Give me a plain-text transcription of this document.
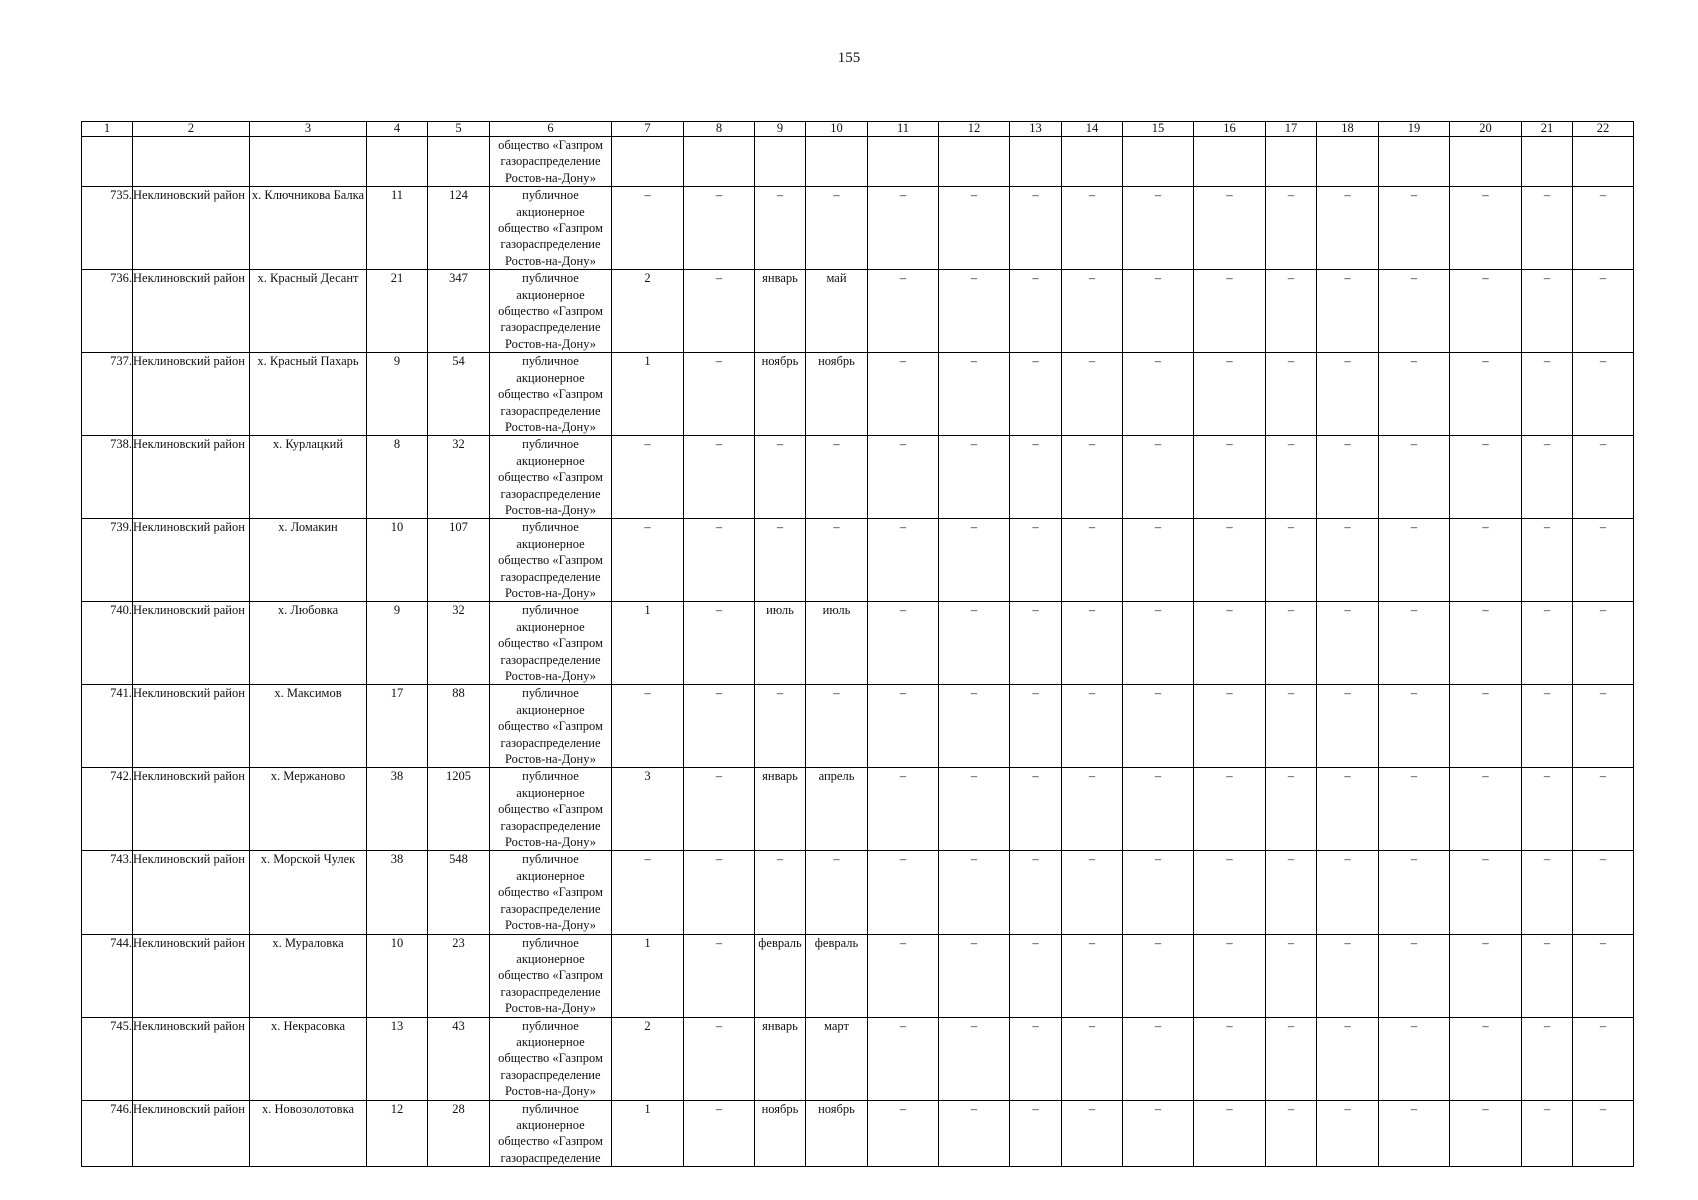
155
1	2	3	4	5	6	7	8	9	10	11	12	13	14	15	16	17	18	19	20	21	22

					общество «Газпром
газораспределение
Ростов-на-Дону»																

735.	Неклиновский район	х. Ключникова Балка	11	124	публичное
акционерное
общество «Газпром
газораспределение
Ростов-на-Дону»	–	–	–	–	–	–	–	–	–	–	–	–	–	–	–	–
736.	Неклиновский район	х. Красный Десант	21	347	публичное
акционерное
общество «Газпром
газораспределение
Ростов-на-Дону»	2	–	январь	май	–	–	–	–	–	–	–	–	–	–	–	–
737.	Неклиновский район	х. Красный Пахарь	9	54	публичное
акционерное
общество «Газпром
газораспределение
Ростов-на-Дону»	1	–	ноябрь	ноябрь	–	–	–	–	–	–	–	–	–	–	–	–
738.	Неклиновский район	х. Курлацкий	8	32	публичное
акционерное
общество «Газпром
газораспределение
Ростов-на-Дону»	–	–	–	–	–	–	–	–	–	–	–	–	–	–	–	–
739.	Неклиновский район	х. Ломакин	10	107	публичное
акционерное
общество «Газпром
газораспределение
Ростов-на-Дону»	–	–	–	–	–	–	–	–	–	–	–	–	–	–	–	–
740.	Неклиновский район	х. Любовка	9	32	публичное
акционерное
общество «Газпром
газораспределение
Ростов-на-Дону»	1	–	июль	июль	–	–	–	–	–	–	–	–	–	–	–	–
741.	Неклиновский район	х. Максимов	17	88	публичное
акционерное
общество «Газпром
газораспределение
Ростов-на-Дону»	–	–	–	–	–	–	–	–	–	–	–	–	–	–	–	–
742.	Неклиновский район	х. Мержаново	38	1205	публичное
акционерное
общество «Газпром
газораспределение
Ростов-на-Дону»	3	–	январь	апрель	–	–	–	–	–	–	–	–	–	–	–	–
743.	Неклиновский район	х. Морской Чулек	38	548	публичное
акционерное
общество «Газпром
газораспределение
Ростов-на-Дону»	–	–	–	–	–	–	–	–	–	–	–	–	–	–	–	–
744.	Неклиновский район	х. Мураловка	10	23	публичное
акционерное
общество «Газпром
газораспределение
Ростов-на-Дону»	1	–	февраль	февраль	–	–	–	–	–	–	–	–	–	–	–	–
745.	Неклиновский район	х. Некрасовка	13	43	публичное
акционерное
общество «Газпром
газораспределение
Ростов-на-Дону»	2	–	январь	март	–	–	–	–	–	–	–	–	–	–	–	–
746.	Неклиновский район	х. Новозолотовка	12	28	публичное
акционерное
общество «Газпром
газораспределение	1	–	ноябрь	ноябрь	–	–	–	–	–	–	–	–	–	–	–	–
